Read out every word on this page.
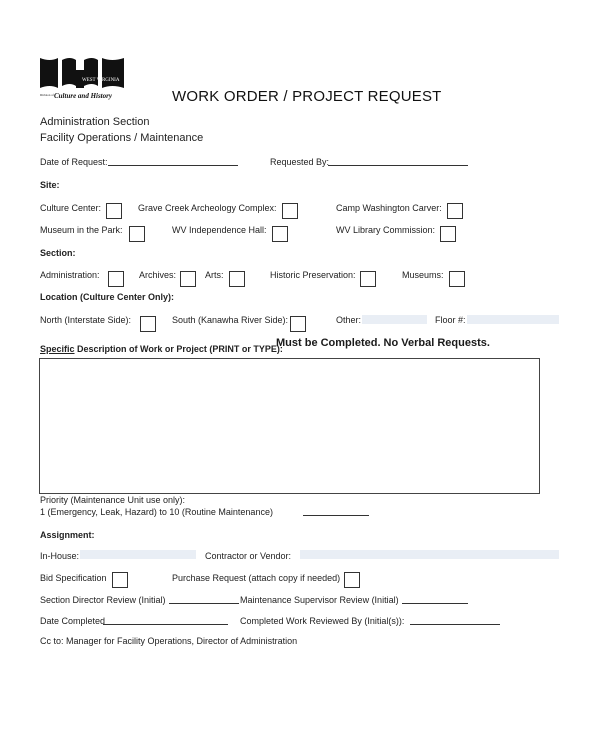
WEST VIRGINIA
Division of Culture and History	WORK ORDER / PROJECT REQUEST
Administration Section
Facility Operations / Maintenance
Date of Request:	Requested By:
Site:
Culture Center:	Grave Creek Archeology Complex:	Camp Washington Carver:
Museum in the Park:	WV Independence Hall:	WV Library Commission:
Section:
Administration:	Archives:	Arts:	Historic Preservation:	Museums:
Location (Culture Center Only):
North (Interstate Side):	South (Kanawha River Side):	Other:	Floor #:
Specific Description of Work or Project (PRINT or TYPE):
Must be Completed. No Verbal Requests.
Priority (Maintenance Unit use only):
1 (Emergency, Leak, Hazard) to 10 (Routine Maintenance)
Assignment:
In-House:	Contractor or Vendor:
Bid Specification	Purchase Request (attach copy if needed)
Section Director Review (Initial)	Maintenance Supervisor Review (Initial)
Date Completed	Completed Work Reviewed By (Initial(s)):
Cc to: Manager for Facility Operations, Director of Administration
